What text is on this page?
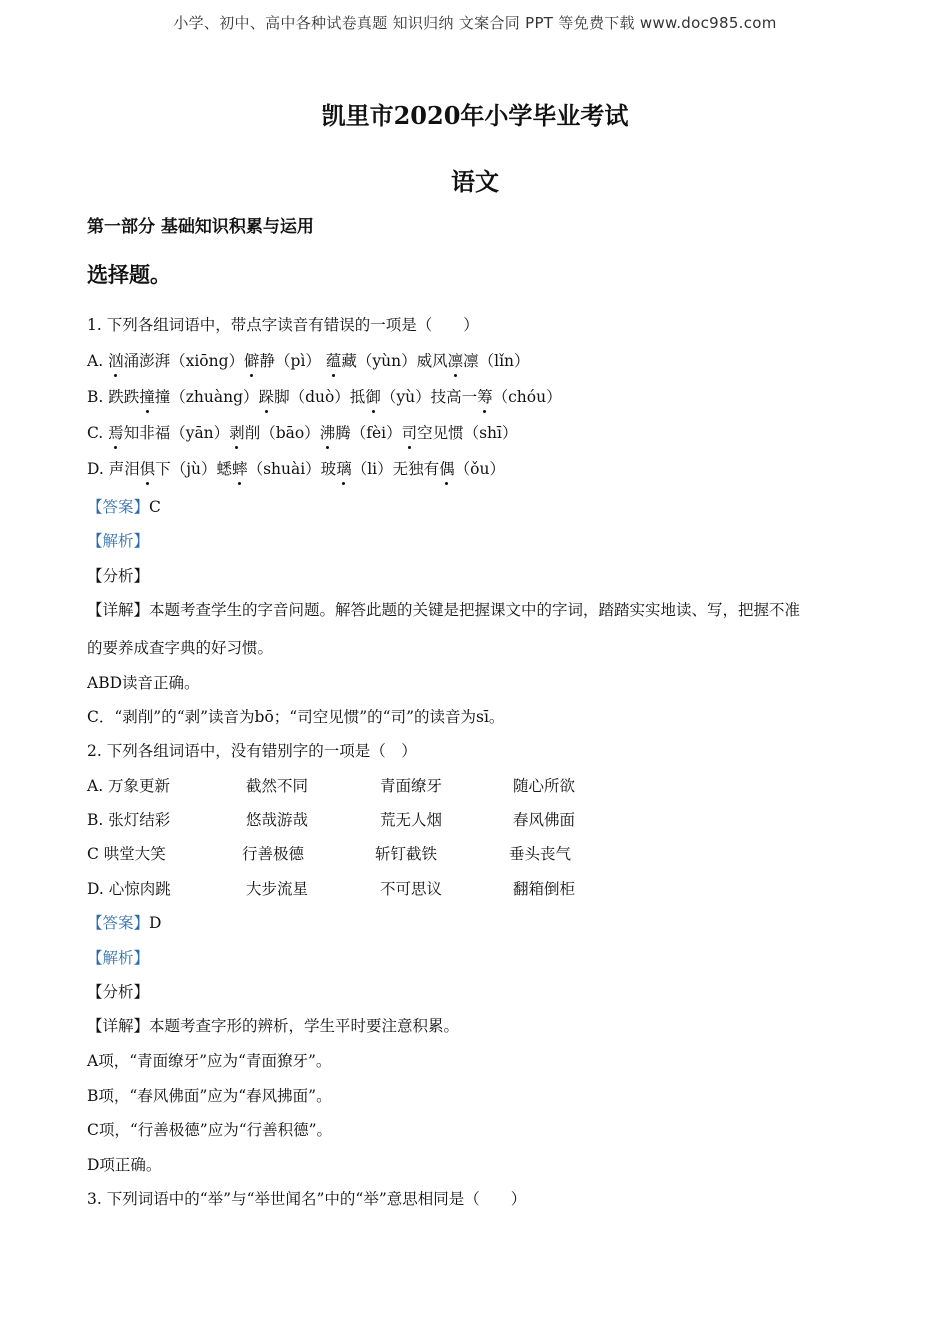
小学、初中、高中各种试卷真题 知识归纳 文案合同 PPT 等免费下载 www.doc985.com
凯里市2020年小学毕业考试
语文
第一部分 基础知识积累与运用
选择题。
1. 下列各组词语中，带点字读音有错误的一项是（　　）
A. 汹涌澎湃（xiōng）僻静（pì） 蕴藏（yùn）威风凛凛（lǐn）
B. 跌跌撞撞（zhuàng）跺脚（duò）抵御（yù）技高一筹（chóu）
C. 焉知非福（yān）剥削（bāo）沸腾（fèi）司空见惯（shī）
D. 声泪俱下（jù）蟋蟀（shuài）玻璃（li）无独有偶（ǒu）
【答案】C
【解析】
【分析】
【详解】本题考查学生的字音问题。解答此题的关键是把握课文中的字词，踏踏实实地读、写，把握不准
的要养成查字典的好习惯。
ABD读音正确。
C．“剥削”的“剥”读音为bō；“司空见惯”的“司”的读音为sī。
2. 下列各组词语中，没有错别字的一项是（　）
A. 万象更新	截然不同	青面缭牙	随心所欲
B. 张灯结彩	悠哉游哉	荒无人烟	春风佛面
C 哄堂大笑	行善极德	斩钉截铁	垂头丧气
D. 心惊肉跳	大步流星	不可思议	翻箱倒柜
【答案】D
【解析】
【分析】
【详解】本题考查字形的辨析，学生平时要注意积累。
A项，“青面缭牙”应为“青面獠牙”。
B项，“春风佛面”应为“春风拂面”。
C项，“行善极德”应为“行善积德”。
D项正确。
3. 下列词语中的“举”与“举世闻名”中的“举”意思相同是（　　）
